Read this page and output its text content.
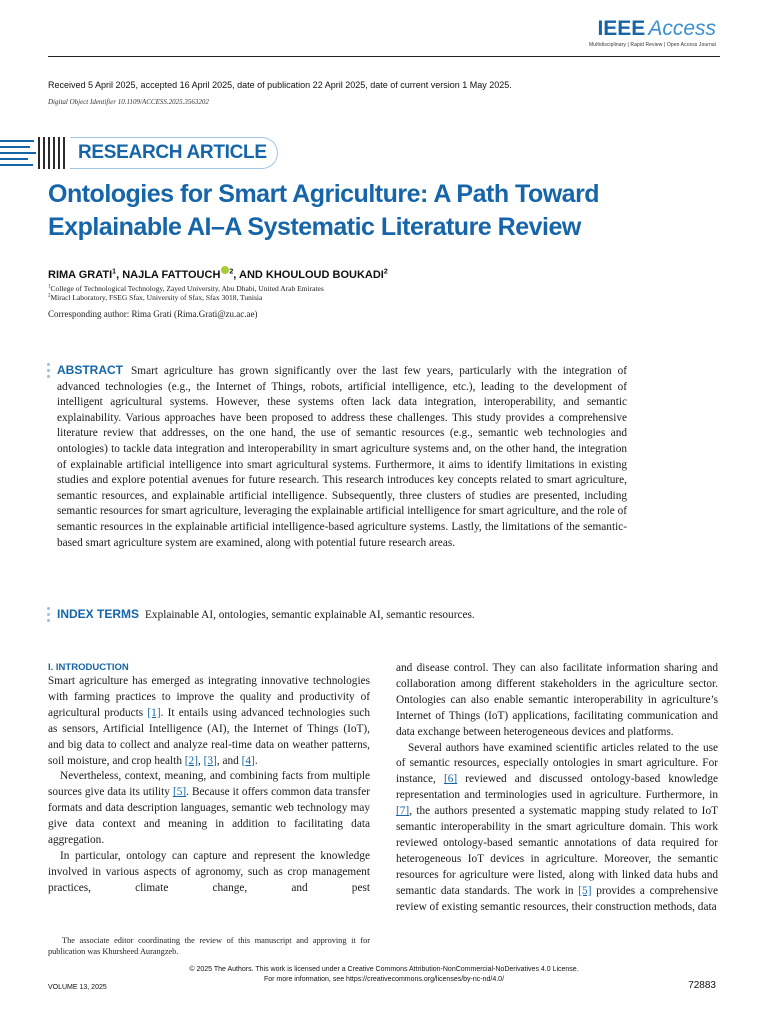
IEEE Access
Multidisciplinary | Rapid Review | Open Access Journal
Received 5 April 2025, accepted 16 April 2025, date of publication 22 April 2025, date of current version 1 May 2025.
Digital Object Identifier 10.1109/ACCESS.2025.3563202
RESEARCH ARTICLE
Ontologies for Smart Agriculture: A Path Toward Explainable AI–A Systematic Literature Review
RIMA GRATI$^1$, NAJLA FATTOUCH $^2$, AND KHOULOUD BOUKADI$^2$
$^1$College of Technological Technology, Zayed University, Abu Dhabi, United Arab Emirates
$^2$Miracl Laboratory, FSEG Sfax, University of Sfax, Sfax 3018, Tunisia
Corresponding author: Rima Grati (Rima.Grati@zu.ac.ae)
ABSTRACT Smart agriculture has grown significantly over the last few years, particularly with the integration of advanced technologies (e.g., the Internet of Things, robots, artificial intelligence, etc.), leading to the development of intelligent agricultural systems. However, these systems often lack data integration, interoperability, and semantic explainability. Various approaches have been proposed to address these challenges. This study provides a comprehensive literature review that addresses, on the one hand, the use of semantic resources (e.g., semantic web technologies and ontologies) to tackle data integration and interoperability in smart agriculture systems and, on the other hand, the integration of explainable artificial intelligence into smart agricultural systems. Furthermore, it aims to identify limitations in existing studies and explore potential avenues for future research. This research introduces key concepts related to smart agriculture, semantic resources, and explainable artificial intelligence. Subsequently, three clusters of studies are presented, including semantic resources for smart agriculture, leveraging the explainable artificial intelligence for smart agriculture, and the role of semantic resources in the explainable artificial intelligence-based agriculture systems. Lastly, the limitations of the semantic-based smart agriculture system are examined, along with potential future research areas.
INDEX TERMS Explainable AI, ontologies, semantic explainable AI, semantic resources.
I. INTRODUCTION

Smart agriculture has emerged as integrating innovative technologies with farming practices to improve the quality and productivity of agricultural products [1]. It entails using advanced technologies such as sensors, Artificial Intelligence (AI), the Internet of Things (IoT), and big data to collect and analyze real-time data on weather patterns, soil moisture, and crop health [2], [3], and [4].

Nevertheless, context, meaning, and combining facts from multiple sources give data its utility [5]. Because it offers common data transfer formats and data description languages, semantic web technology may give data context and meaning in addition to facilitating data aggregation.

In particular, ontology can capture and represent the knowledge involved in various aspects of agronomy, such as crop management practices, climate change, and pest

and disease control. They can also facilitate information sharing and collaboration among different stakeholders in the agriculture sector. Ontologies can also enable semantic interoperability in agriculture’s Internet of Things (IoT) applications, facilitating communication and data exchange between heterogeneous devices and platforms.

Several authors have examined scientific articles related to the use of semantic resources, especially ontologies in smart agriculture. For instance, [6] reviewed and discussed ontology-based knowledge representation and terminologies used in agriculture. Furthermore, in [7], the authors presented a systematic mapping study related to IoT semantic interoperability in the smart agriculture domain. This work reviewed ontology-based semantic annotations of data required for heterogeneous IoT devices in agriculture. Moreover, the semantic resources for agriculture were listed, along with linked data hubs and semantic data standards. The work in [5] provides a comprehensive review of existing semantic resources, their construction methods, data

The associate editor coordinating the review of this manuscript and approving it for publication was Khursheed Aurangzeb.
© 2025 The Authors. This work is licensed under a Creative Commons Attribution-NonCommercial-NoDerivatives 4.0 License.
For more information, see https://creativecommons.org/licenses/by-nc-nd/4.0/
VOLUME 13, 2025	72883
